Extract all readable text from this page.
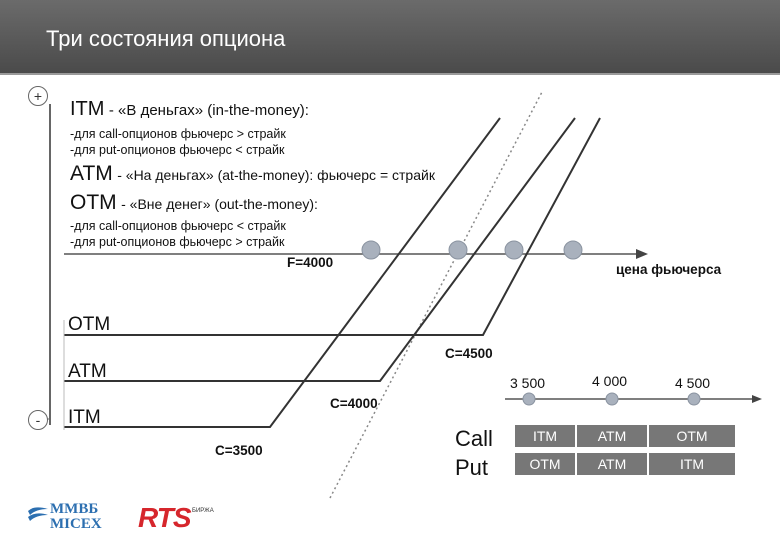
Три состояния опциона
+
-
ITM - «В деньгах» (in-the-money):
-для call-опционов фьючерс > страйк
-для put-опционов фьючерс < страйк
ATM - «На деньгах» (at-the-money): фьючерс = страйк
OTM - «Вне денег» (out-the-money):
-для call-опционов фьючерс < страйк
-для put-опционов фьючерс > страйк
F=4000	цена фьючерса
OTM
ATM
ITM
C=4500
C=4000
C=3500
3 500	4 000	4 500
Call
Put
ITM	ATM	OTM
OTM	ATM	ITM
ММВБ
MICEX RTS БИРЖА
